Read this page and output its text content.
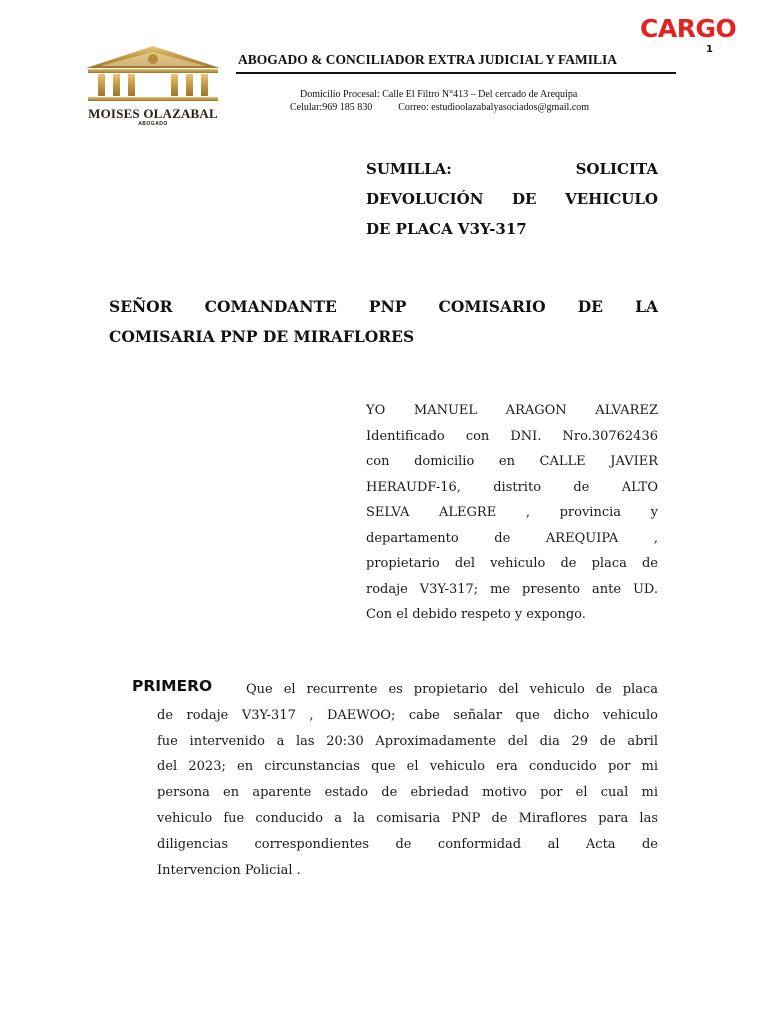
MOISES OLAZABAL
ABOGADO
ABOGADO & CONCILIADOR EXTRA JUDICIAL Y FAMILIA
Domicilio Procesal: Calle El Filtro N°413 – Del cercado de Arequipa
Celular:969 185 830	Correo: estudioolazabalyasociados@gmail.com
CARGO
1
SUMILLA: SOLICITA
DEVOLUCIÓN DE VEHICULO
DE PLACA V3Y-317
SEÑOR COMANDANTE PNP COMISARIO DE LA
COMISARIA PNP DE MIRAFLORES
YO MANUEL ARAGON ALVAREZ
Identificado con DNI. Nro.30762436
con domicilio en CALLE JAVIER
HERAUDF-16, distrito de ALTO
SELVA ALEGRE , provincia y
departamento de AREQUIPA ,
propietario del vehiculo de placa de
rodaje V3Y-317; me presento ante UD.
Con el debido respeto y expongo.
PRIMERO	Que el recurrente es propietario del vehiculo de placa
de rodaje V3Y-317 , DAEWOO; cabe señalar que dicho vehiculo
fue intervenido a las 20:30 Aproximadamente del dia 29 de abril
del 2023; en circunstancias que el vehiculo era conducido por mi
persona en aparente estado de ebriedad motivo por el cual mi
vehiculo fue conducido a la comisaria PNP de Miraflores para las
diligencias correspondientes de conformidad al Acta de
Intervencion Policial .
